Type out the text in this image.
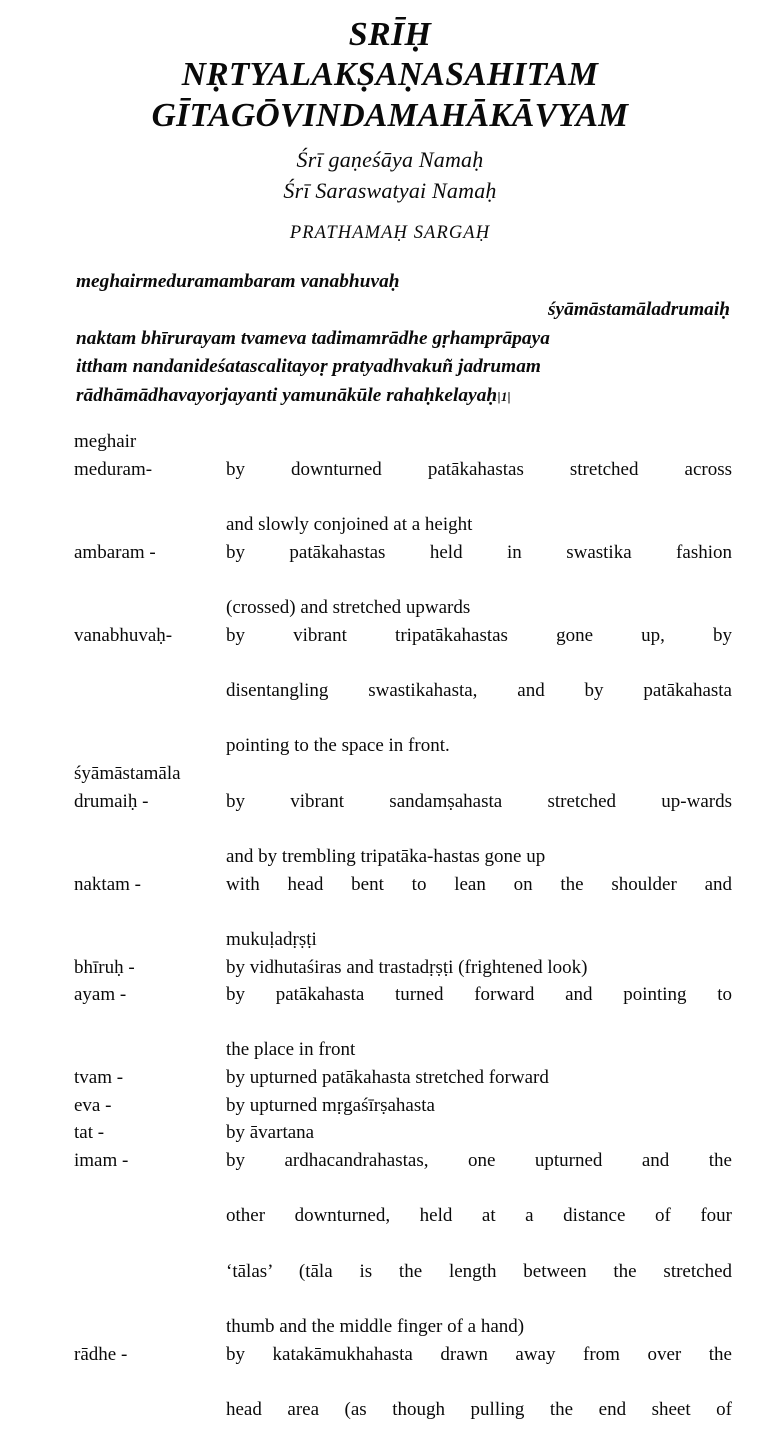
SRĪḤ
NṚTYALAKṢAṆASAHITAM
GĪTAGŌVINDAMAHĀKĀVYAM
Śrī gaṇeśāya Namaḥ
Śrī Saraswatyai Namaḥ
PRATHAMAḤ SARGAḤ
meghairmeduramambaram vanabhuvaḥ
śyāmāstamāladrumaiḥ
naktam bhīrurayam tvameva tadimamrādhe gṛhamprāpaya
ittham nandanideśatascalitayoṛ pratyadhvakuñ jadrumam
rādhāmādhavayorjayanti yamunākūle rahaḥkelayaḥ||1||
meghair
meduram-	by downturned patākahastas stretched across

and slowly conjoined at a height

ambaram -	by patākahastas held in swastika fashion

(crossed) and stretched upwards

vanabhuvaḥ-	by vibrant tripatākahastas gone up, by

disentangling swastikahasta, and by patākahasta

pointing to the space in front.

śyāmāstamāla
drumaiḥ -	by vibrant sandamṣahasta stretched up-wards

and by trembling tripatāka-hastas gone up

naktam -	with head bent to lean on the shoulder and

mukuḷadṛṣṭi

bhīruḥ -	by vidhutaśiras and trastadṛṣṭi (frightened look)

ayam -	by patākahasta turned forward and pointing to

the place in front

tvam -	by upturned patākahasta stretched forward

eva -	by upturned mṛgaśīrṣahasta

tat -	by āvartana

imam -	by ardhacandrahastas, one upturned and the

other downturned, held at a distance of four

‘tālas’ (tāla is the length between the stretched

thumb and the middle finger of a hand)

rādhe -	by katakāmukhahasta drawn away from over the

head area (as though pulling the end sheet of
